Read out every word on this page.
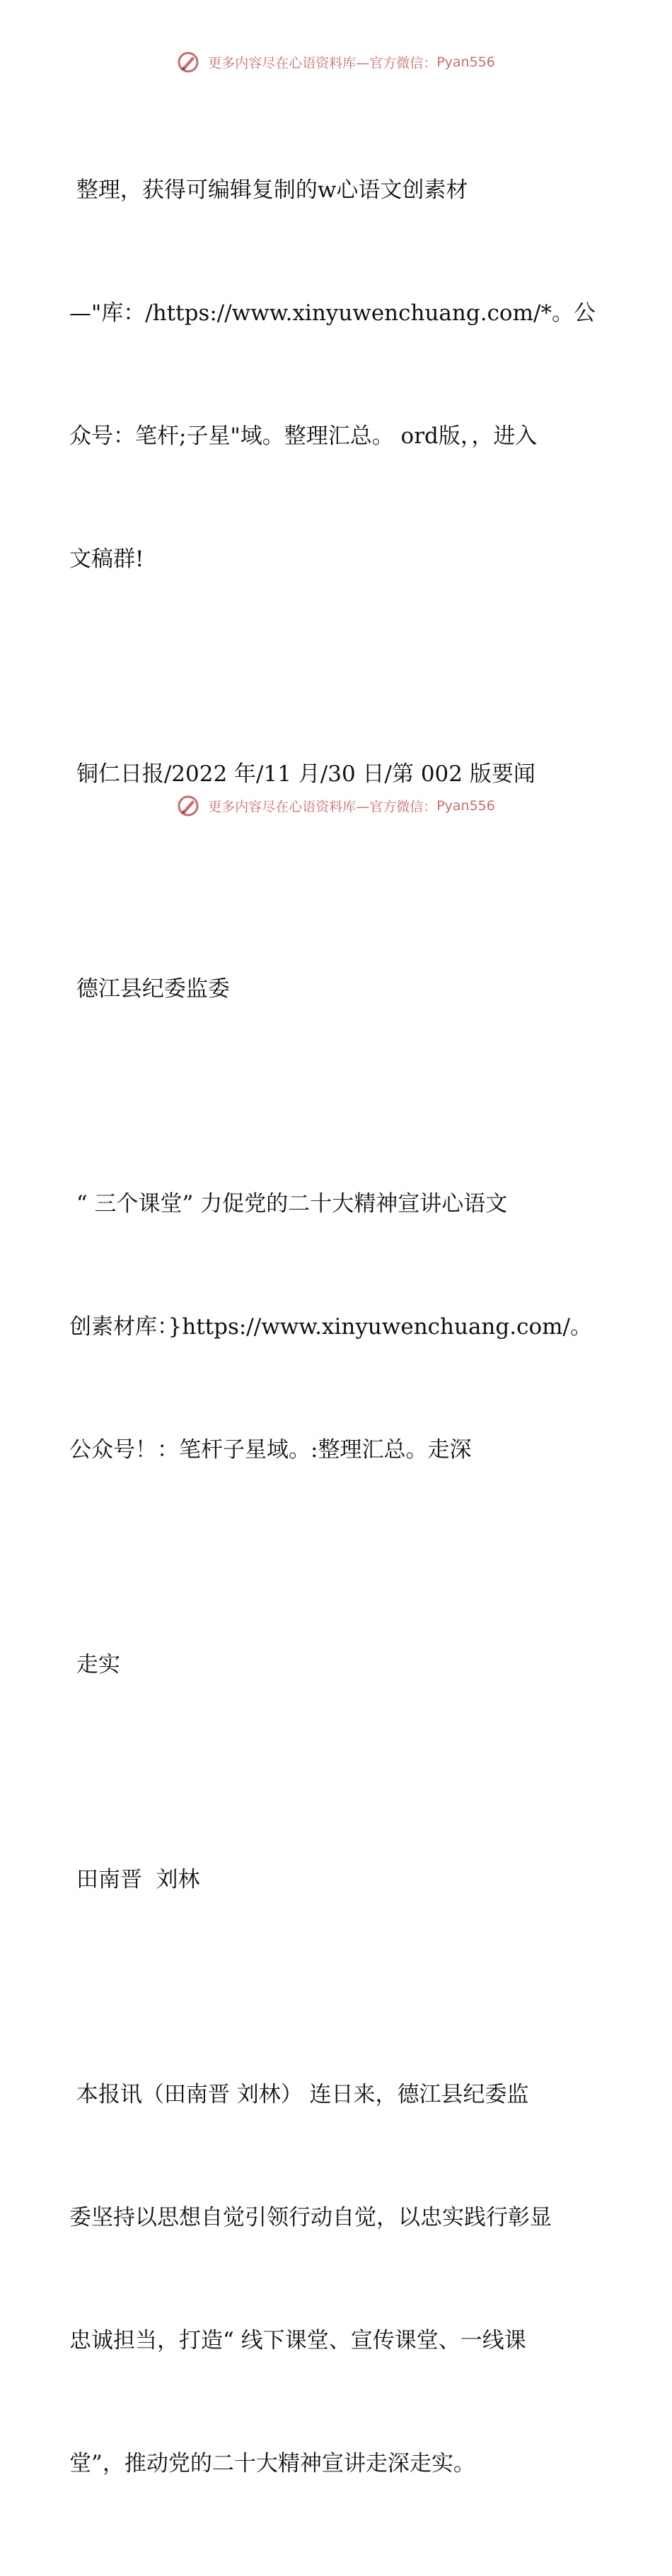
更多内容尽在心语资料库—官方微信：Pyan556

整理，获得可编辑复制的w心语文创素材

—"库：/https://www.xinyuwenchuang.com/*。公

众号：笔杆;子星"域。整理汇总。 ord版，，进入

文稿群!

铜仁日报/2022 年/11 月/30 日/第 002 版要闻

德江县纪委监委

“ 三个课堂” 力促党的二十大精神宣讲心语文

创素材库：}https://www.xinyuwenchuang.com/。

公众号！：笔杆子星域。:整理汇总。走深

走实

田南晋  刘林

本报讯（田南晋 刘林） 连日来，德江县纪委监

委坚持以思想自觉引领行动自觉，以忠实践行彰显

忠诚担当，打造“ 线下课堂、宣传课堂、一线课

堂”，推动党的二十大精神宣讲走深走实。

更多内容尽在心语资料库—官方微信：Pyan556
